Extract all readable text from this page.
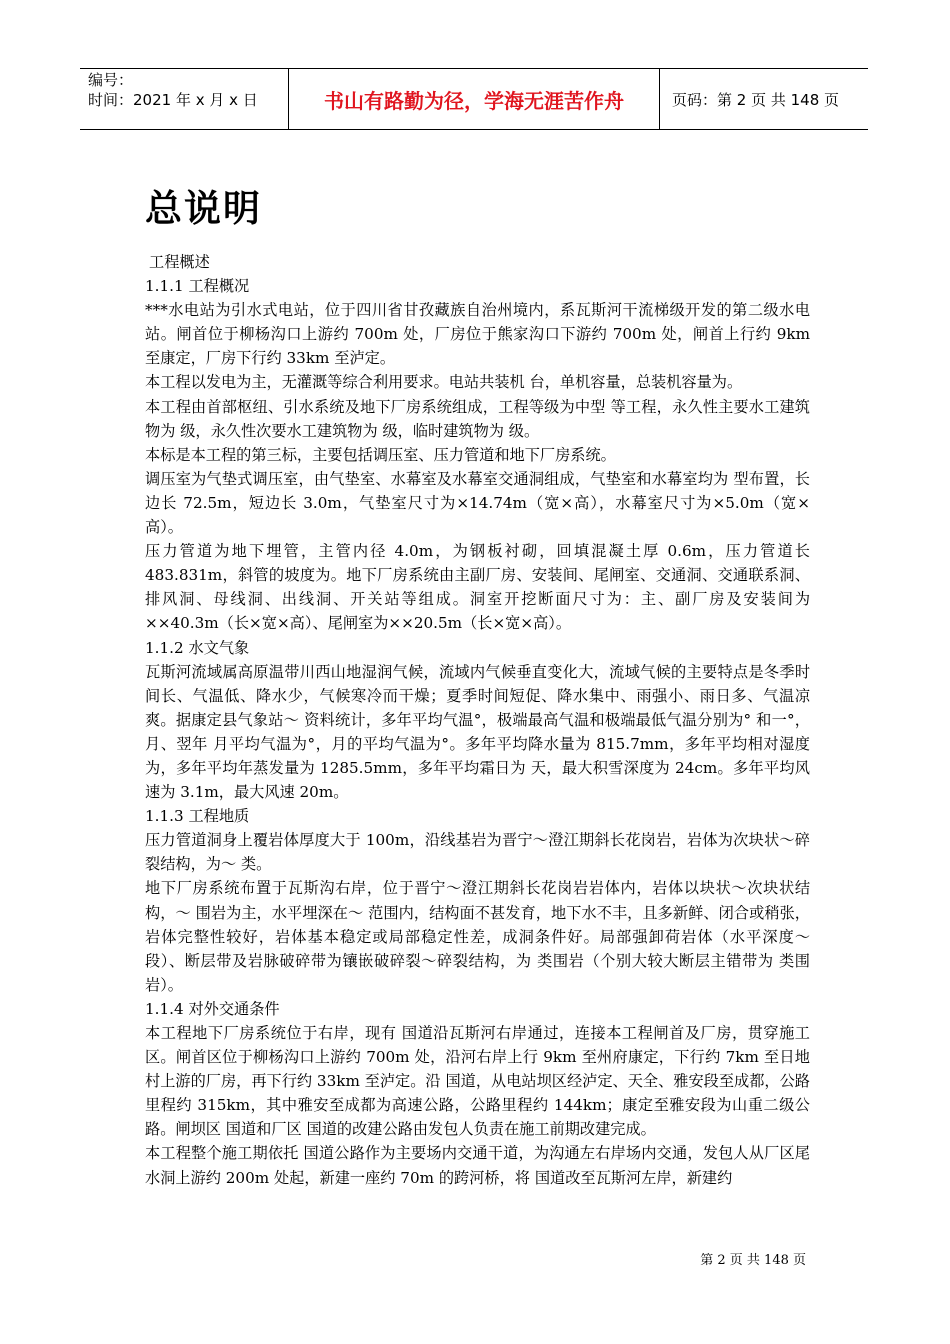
编号：
时间：2021 年 x 月 x 日	书山有路勤为径，学海无涯苦作舟	页码：第 2 页 共 148 页
总说明

工程概述

1.1.1 工程概况

***水电站为引水式电站，位于四川省甘孜藏族自治州境内，系瓦斯河干流梯级开发的第二级水电站。闸首位于柳杨沟口上游约 700m 处，厂房位于熊家沟口下游约 700m 处，闸首上行约 9km 至康定，厂房下行约 33km 至泸定。

本工程以发电为主，无灌溉等综合利用要求。电站共装机 台，单机容量，总装机容量为。

本工程由首部枢纽、引水系统及地下厂房系统组成，工程等级为中型 等工程，永久性主要水工建筑物为 级，永久性次要水工建筑物为 级，临时建筑物为 级。

本标是本工程的第三标，主要包括调压室、压力管道和地下厂房系统。

调压室为气垫式调压室，由气垫室、水幕室及水幕室交通洞组成，气垫室和水幕室均为 型布置，长边长 72.5m，短边长 3.0m，气垫室尺寸为×14.74m（宽×高），水幕室尺寸为×5.0m（宽×高）。

压力管道为地下埋管，主管内径 4.0m，为钢板衬砌，回填混凝土厚 0.6m，压力管道长 483.831m，斜管的坡度为。地下厂房系统由主副厂房、安装间、尾闸室、交通洞、交通联系洞、排风洞、母线洞、出线洞、开关站等组成。洞室开挖断面尺寸为：主、副厂房及安装间为××40.3m（长×宽×高）、尾闸室为××20.5m（长×宽×高）。

1.1.2 水文气象

瓦斯河流域属高原温带川西山地湿润气候，流域内气候垂直变化大，流域气候的主要特点是冬季时间长、气温低、降水少，气候寒冷而干燥；夏季时间短促、降水集中、雨强小、雨日多、气温凉爽。据康定县气象站～ 资料统计，多年平均气温°，极端最高气温和极端最低气温分别为° 和一°，月、翌年 月平均气温为°，月的平均气温为°。多年平均降水量为 815.7mm，多年平均相对湿度为，多年平均年蒸发量为 1285.5mm，多年平均霜日为 天，最大积雪深度为 24cm。多年平均风速为 3.1m，最大风速 20m。

1.1.3 工程地质

压力管道洞身上覆岩体厚度大于 100m，沿线基岩为晋宁～澄江期斜长花岗岩，岩体为次块状～碎裂结构，为～ 类。

地下厂房系统布置于瓦斯沟右岸，位于晋宁～澄江期斜长花岗岩岩体内，岩体以块状～次块状结构，～ 围岩为主，水平埋深在～ 范围内，结构面不甚发育，地下水不丰，且多新鲜、闭合或稍张，岩体完整性较好，岩体基本稳定或局部稳定性差，成洞条件好。局部强卸荷岩体（水平深度～ 段）、断层带及岩脉破碎带为镶嵌破碎裂～碎裂结构，为 类围岩（个别大较大断层主错带为 类围岩）。

1.1.4 对外交通条件

本工程地下厂房系统位于右岸，现有 国道沿瓦斯河右岸通过，连接本工程闸首及厂房，贯穿施工区。闸首区位于柳杨沟口上游约 700m 处，沿河右岸上行 9km 至州府康定，下行约 7km 至日地村上游的厂房，再下行约 33km 至泸定。沿 国道，从电站坝区经泸定、天全、雅安段至成都，公路里程约 315km，其中雅安至成都为高速公路，公路里程约 144km；康定至雅安段为山重二级公路。闸坝区 国道和厂区 国道的改建公路由发包人负责在施工前期改建完成。

本工程整个施工期依托 国道公路作为主要场内交通干道，为沟通左右岸场内交通，发包人从厂区尾水洞上游约 200m 处起，新建一座约 70m 的跨河桥，将 国道改至瓦斯河左岸，新建约

第 2 页 共 148 页
